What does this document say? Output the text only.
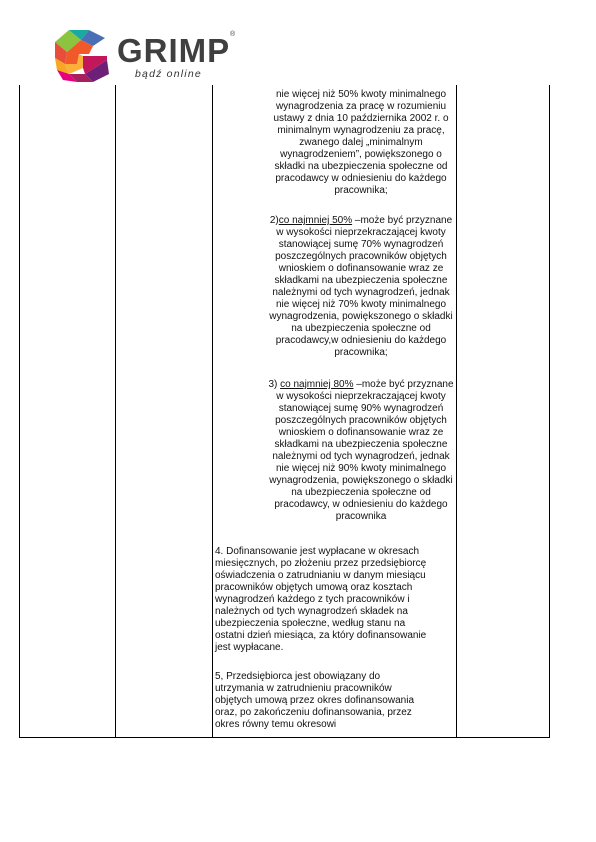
GRIMP ®
bądź online

nie więcej niż 50% kwoty minimalnego
wynagrodzenia za pracę w rozumieniu
ustawy z dnia 10 października 2002 r. o
minimalnym wynagrodzeniu za pracę,
zwanego dalej „minimalnym
wynagrodzeniem”, powiększonego o
składki na ubezpieczenia społeczne od
pracodawcy w odniesieniu do każdego
pracownika;

2)co najmniej 50% –może być przyznane
w wysokości nieprzekraczającej kwoty
stanowiącej sumę 70% wynagrodzeń
poszczególnych pracowników objętych
wnioskiem o dofinansowanie wraz ze
składkami na ubezpieczenia społeczne
należnymi od tych wynagrodzeń, jednak
nie więcej niż 70% kwoty minimalnego
wynagrodzenia, powiększonego o składki
na ubezpieczenia społeczne od
pracodawcy,w odniesieniu do każdego
pracownika;

3) co najmniej 80% –może być przyznane
w wysokości nieprzekraczającej kwoty
stanowiącej sumę 90% wynagrodzeń
poszczególnych pracowników objętych
wnioskiem o dofinansowanie wraz ze
składkami na ubezpieczenia społeczne
należnymi od tych wynagrodzeń, jednak
nie więcej niż 90% kwoty minimalnego
wynagrodzenia, powiększonego o składki
na ubezpieczenia społeczne od
pracodawcy, w odniesieniu do każdego
pracownika

4. Dofinansowanie jest wypłacane w okresach
miesięcznych, po złożeniu przez przedsiębiorcę
oświadczenia o zatrudnianiu w danym miesiącu
pracowników objętych umową oraz kosztach
wynagrodzeń każdego z tych pracowników i
należnych od tych wynagrodzeń składek na
ubezpieczenia społeczne, według stanu na
ostatni dzień miesiąca, za który dofinansowanie
jest wypłacane.

5, Przedsiębiorca jest obowiązany do
utrzymania w zatrudnieniu pracowników
objętych umową przez okres dofinansowania
oraz, po zakończeniu dofinansowania, przez
okres równy temu okresowi
